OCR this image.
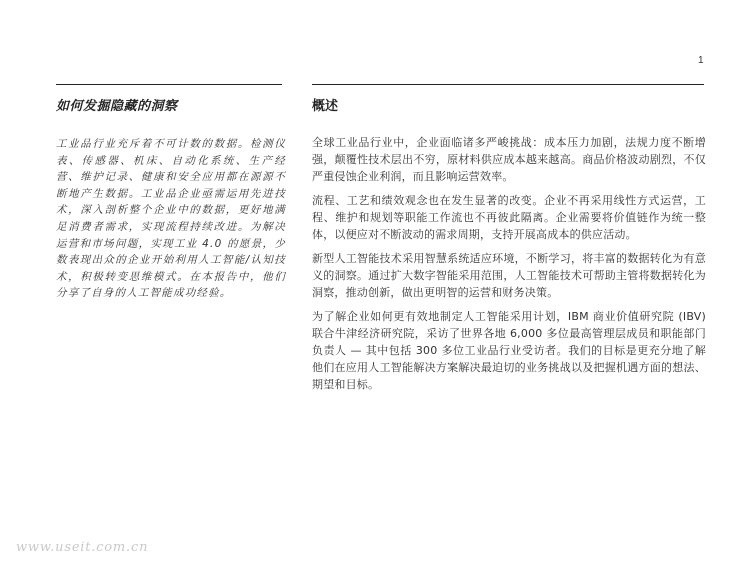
1
如何发掘隐藏的洞察
工业品行业充斥着不可计数的数据。检测仪表、传感器、机床、自动化系统、生产经营、维护记录、健康和安全应用都在源源不断地产生数据。工业品企业亟需运用先进技术，深入剖析整个企业中的数据，更好地满足消费者需求，实现流程持续改进。为解决运营和市场问题，实现工业 4.0 的愿景，少数表现出众的企业开始利用人工智能/认知技术，积极转变思维模式。在本报告中，他们分享了自身的人工智能成功经验。
概述

全球工业品行业中，企业面临诸多严峻挑战：成本压力加剧，法规力度不断增强，颠覆性技术层出不穷，原材料供应成本越来越高。商品价格波动剧烈，不仅严重侵蚀企业利润，而且影响运营效率。

流程、工艺和绩效观念也在发生显著的改变。企业不再采用线性方式运营，工程、维护和规划等职能工作流也不再彼此隔离。企业需要将价值链作为统一整体，以便应对不断波动的需求周期，支持开展高成本的供应活动。

新型人工智能技术采用智慧系统适应环境，不断学习，将丰富的数据转化为有意义的洞察。通过扩大数字智能采用范围，人工智能技术可帮助主管将数据转化为洞察，推动创新，做出更明智的运营和财务决策。

为了解企业如何更有效地制定人工智能采用计划，IBM 商业价值研究院 (IBV) 联合牛津经济研究院，采访了世界各地 6,000 多位最高管理层成员和职能部门负责人 — 其中包括 300 多位工业品行业受访者。我们的目标是更充分地了解他们在应用人工智能解决方案解决最迫切的业务挑战以及把握机遇方面的想法、期望和目标。

www.useit.com.cn
